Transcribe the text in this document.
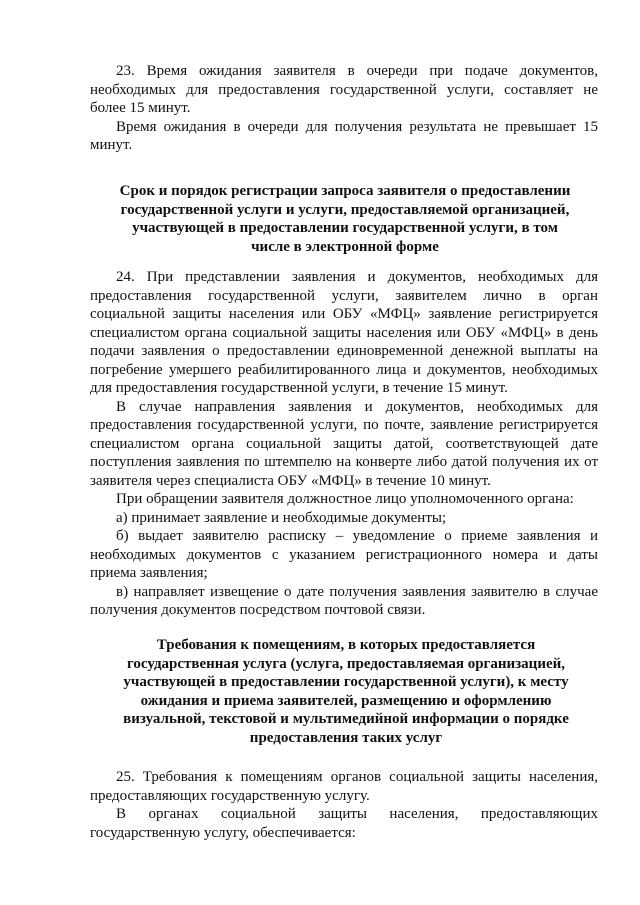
23. Время ожидания заявителя в очереди при подаче документов, необходимых для предоставления государственной услуги, составляет не более 15 минут.

Время ожидания в очереди для получения результата не превышает 15 минут.

Срок и порядок регистрации запроса заявителя о предоставлении государственной услуги и услуги, предоставляемой организацией, участвующей в предоставлении государственной услуги, в том числе в электронной форме

24. При представлении заявления и документов, необходимых для предоставления государственной услуги, заявителем лично в орган социальной защиты населения или ОБУ «МФЦ» заявление регистрируется специалистом органа социальной защиты населения или ОБУ «МФЦ» в день подачи заявления о предоставлении единовременной денежной выплаты на погребение умершего реабилитированного лица и документов, необходимых для предоставления государственной услуги, в течение 15 минут.

В случае направления заявления и документов, необходимых для предоставления государственной услуги, по почте, заявление регистрируется специалистом органа социальной защиты датой, соответствующей дате поступления заявления по штемпелю на конверте либо датой получения их от заявителя через специалиста ОБУ «МФЦ» в течение 10 минут.

При обращении заявителя должностное лицо уполномоченного органа:

а) принимает заявление и необходимые документы;

б) выдает заявителю расписку – уведомление о приеме заявления и необходимых документов с указанием регистрационного номера и даты приема заявления;

в) направляет извещение о дате получения заявления заявителю в случае получения документов посредством почтовой связи.

Требования к помещениям, в которых предоставляется государственная услуга (услуга, предоставляемая организацией, участвующей в предоставлении государственной услуги), к месту ожидания и приема заявителей, размещению и оформлению визуальной, текстовой и мультимедийной информации о порядке предоставления таких услуг

25. Требования к помещениям органов социальной защиты населения, предоставляющих государственную услугу.

В органах социальной защиты населения, предоставляющих государственную услугу, обеспечивается:
